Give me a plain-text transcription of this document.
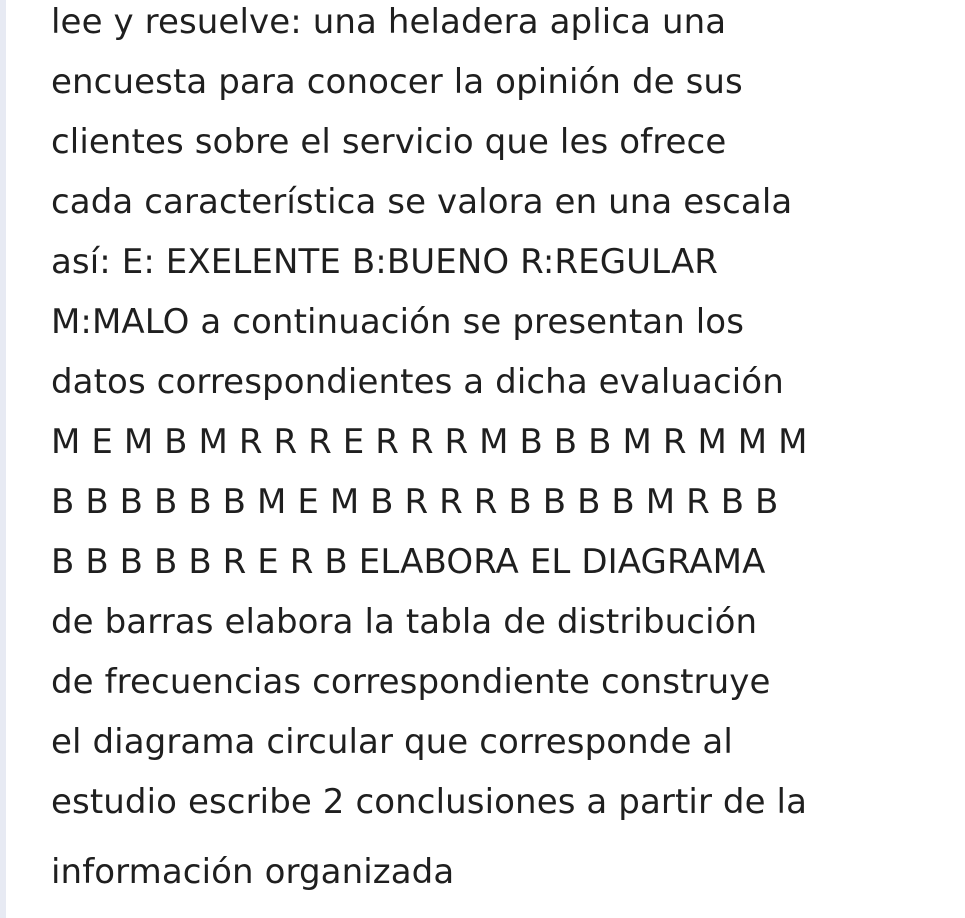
lee y resuelve: una heladera aplica una
encuesta para conocer la opinión de sus
clientes sobre el servicio que les ofrece
cada característica se valora en una escala
así: E: EXELENTE B:BUENO R:REGULAR
M:MALO a continuación se presentan los
datos correspondientes a dicha evaluación
M E M B M R R R E R R R M B B B M R M M M
B B B B B B M E M B R R R B B B B M R B B
B B B B B R E R B ELABORA EL DIAGRAMA
de barras elabora la tabla de distribución
de frecuencias correspondiente construye
el diagrama circular que corresponde al
estudio escribe 2 conclusiones a partir de la
información organizada
